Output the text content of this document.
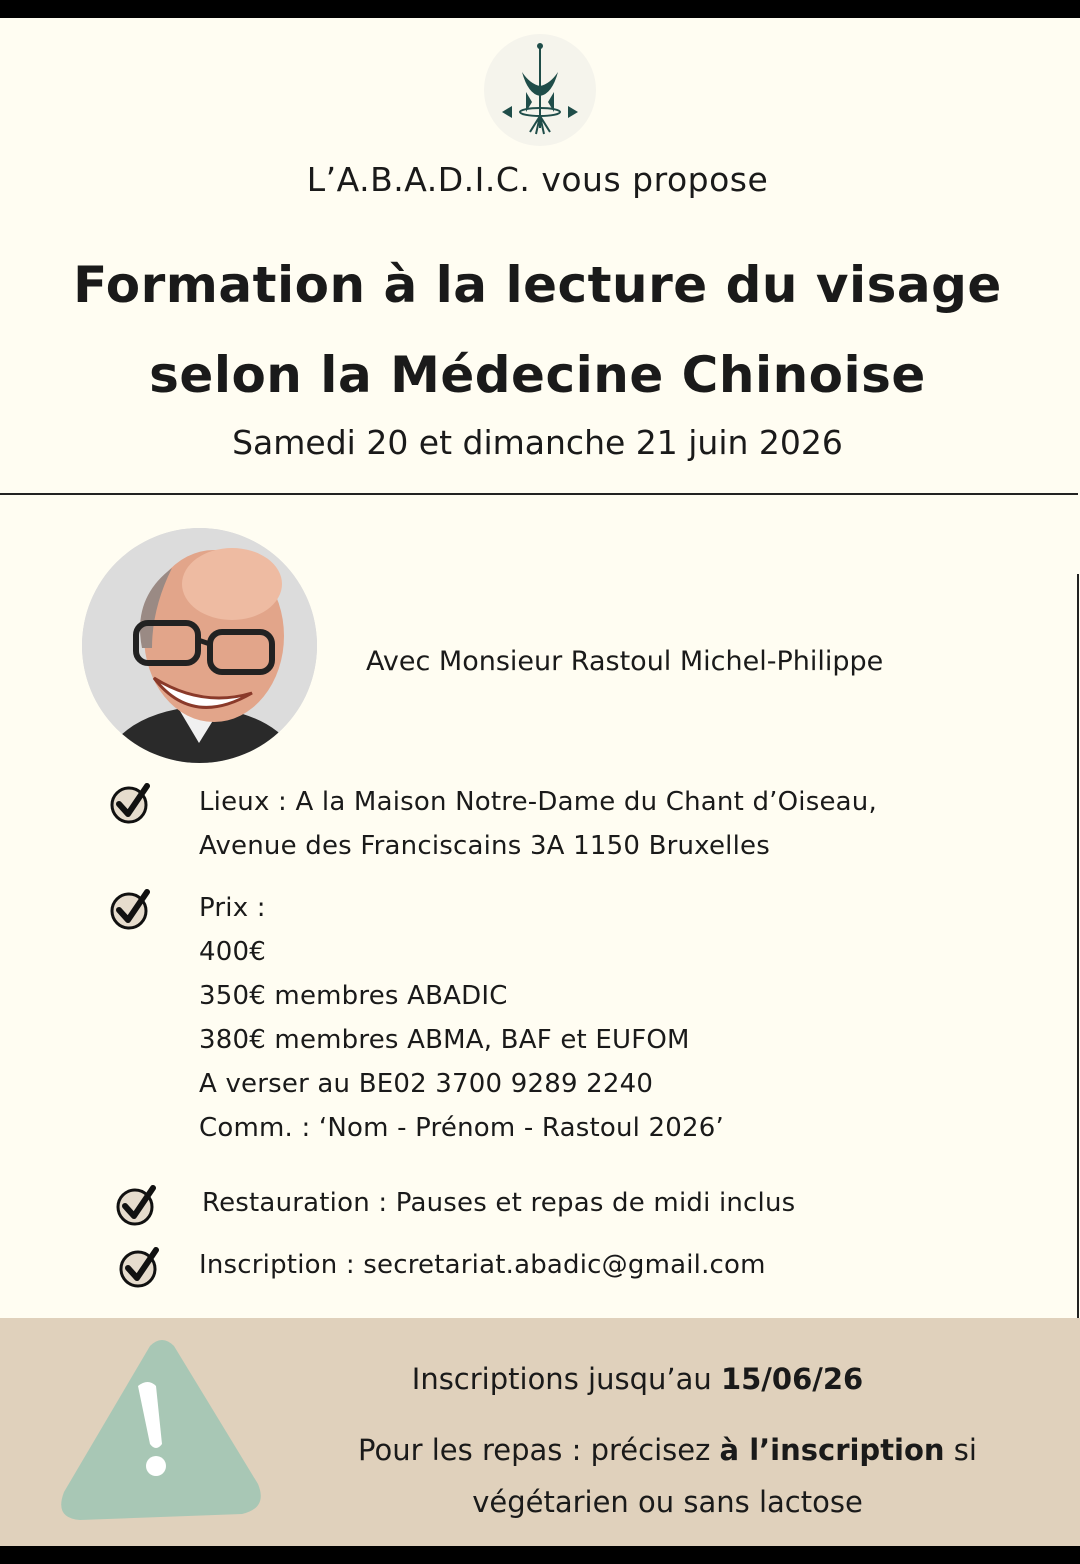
L’A.B.A.D.I.C. vous propose
Formation à la lecture du visage
selon la Médecine Chinoise
Samedi 20 et dimanche 21 juin 2026
Avec Monsieur Rastoul Michel-Philippe
Lieux : A la Maison Notre-Dame du Chant d’Oiseau,
Avenue des Franciscains 3A 1150 Bruxelles
Prix :
400€
350€ membres ABADIC
380€ membres ABMA, BAF et EUFOM
A verser au BE02 3700 9289 2240
Comm. : ‘Nom - Prénom - Rastoul 2026’
Restauration : Pauses et repas de midi inclus
Inscription : secretariat.abadic@gmail.com
Inscriptions jusqu’au 15/06/26
Pour les repas : précisez à l’inscription si
végétarien ou sans lactose
